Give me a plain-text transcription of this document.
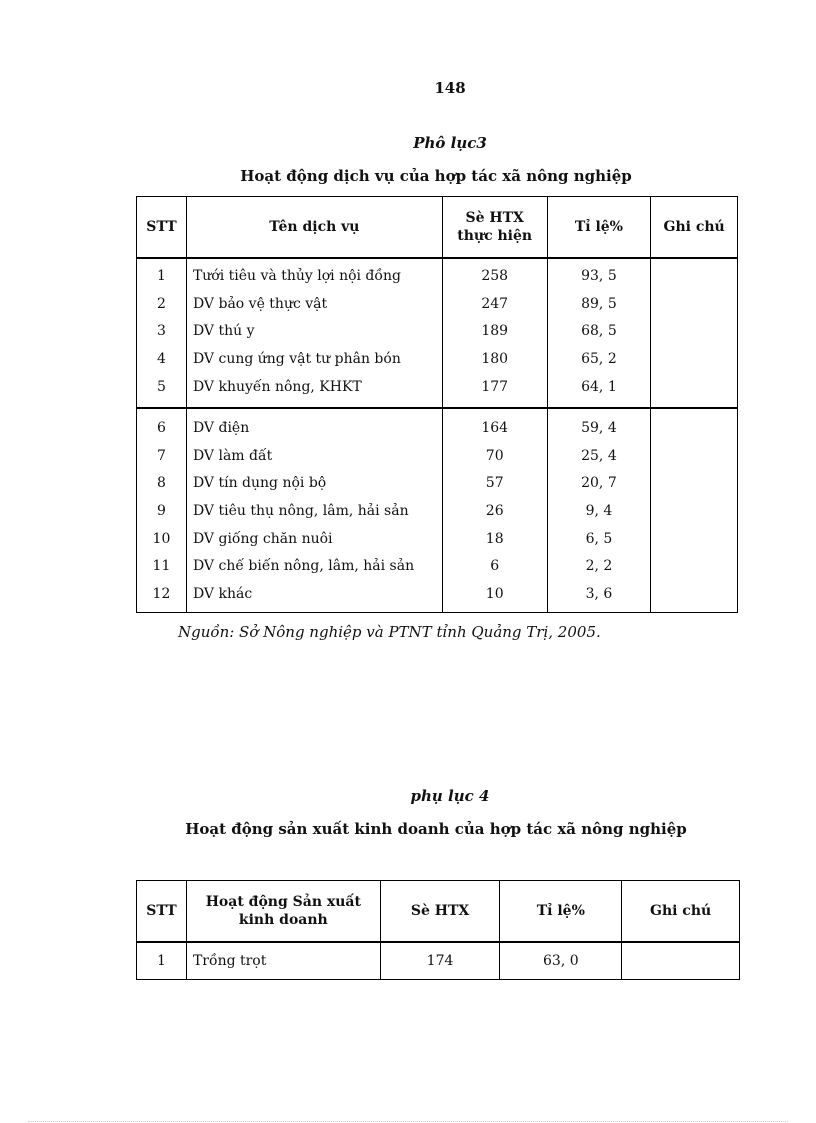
148
Phô lục3
Hoạt động dịch vụ của hợp tác xã nông nghiệp
STT	Tên dịch vụ	Sè HTX thực hiện	Tỉ lệ%	Ghi chú
1	Tưới tiêu và thủy lợi nội đồng	258	93, 5	
2	DV bảo vệ thực vật	247	89, 5	
3	DV thú y	189	68, 5	
4	DV cung ứng vật tư phân bón	180	65, 2	
5	DV khuyến nông, KHKT	177	64, 1	
6	DV điện	164	59, 4	
7	DV làm đất	70	25, 4	
8	DV tín dụng nội bộ	57	20, 7	
9	DV tiêu thụ nông, lâm, hải sản	26	9, 4	
10	DV giống chăn nuôi	18	6, 5	
11	DV chế biến nông, lâm, hải sản	6	2, 2	
12	DV khác	10	3, 6	
Nguồn: Sở Nông nghiệp và PTNT tỉnh Quảng Trị, 2005.
phụ lục 4
Hoạt động sản xuất kinh doanh của hợp tác xã nông nghiệp
STT	Hoạt động Sản xuất kinh doanh	Sè HTX	Tỉ lệ%	Ghi chú
1	Trồng trọt	174	63, 0	
